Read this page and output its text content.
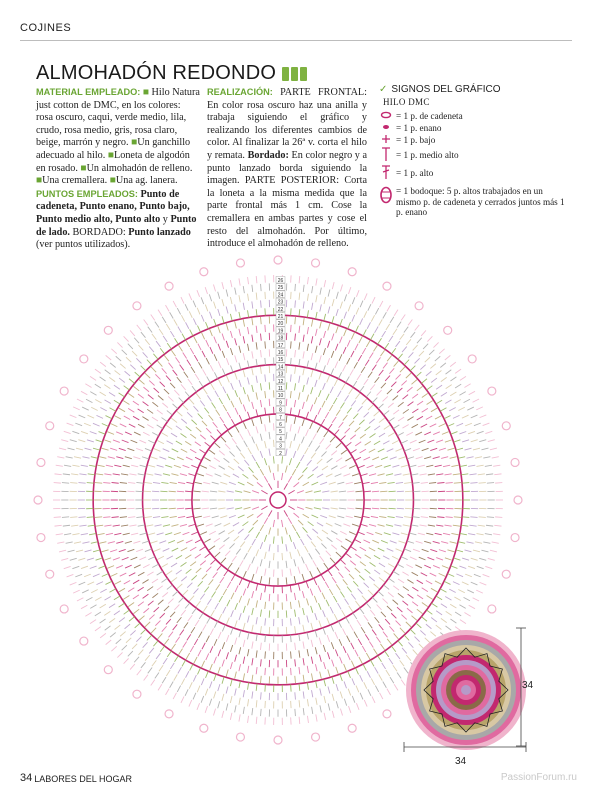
COJINES
ALMOHADÓN REDONDO
MATERIAL EMPLEADO: ■ Hilo Natura just cotton de DMC, en los colores: rosa oscuro, caqui, verde medio, lila, crudo, rosa medio, gris, rosa claro, beige, marrón y negro. ■Un ganchillo adecuado al hilo. ■Loneta de algodón en rosado. ■Un almohadón de relleno. ■Una cremallera. ■Una ag. lanera.
PUNTOS EMPLEADOS: Punto de cadeneta, Punto enano, Punto bajo, Punto medio alto, Punto alto y Punto de lado. BORDADO: Punto lanzado (ver puntos utilizados).
REALIZACIÓN: PARTE FRONTAL: En color rosa oscuro haz una anilla y trabaja siguiendo el gráfico y realizando los diferentes cambios de color. Al finalizar la 26ª v. corta el hilo y remata. Bordado: En color negro y a punto lanzado borda siguiendo la imagen. PARTE POSTERIOR: Corta la loneta a la misma medida que la parte frontal más 1 cm. Cose la cremallera en ambas partes y cose el resto del almohadón. Por último, introduce el almohadón de relleno.
✓ SIGNOS DEL GRÁFICO
HILO DMC
= 1 p. de cadeneta
= 1 p. enano
= 1 p. bajo
= 1 p. medio alto
= 1 p. alto
= 1 bodoque: 5 p. altos trabajados en un mismo p. de cadeneta y cerrados juntos más 1 p. enano
26
25
24
23
22
21
20
19
18
17
16
15
14
13
12
11
10
9
8
7
6
5
4
3
2
34
34
34 LABORES DEL HOGAR	PassionForum.ru
